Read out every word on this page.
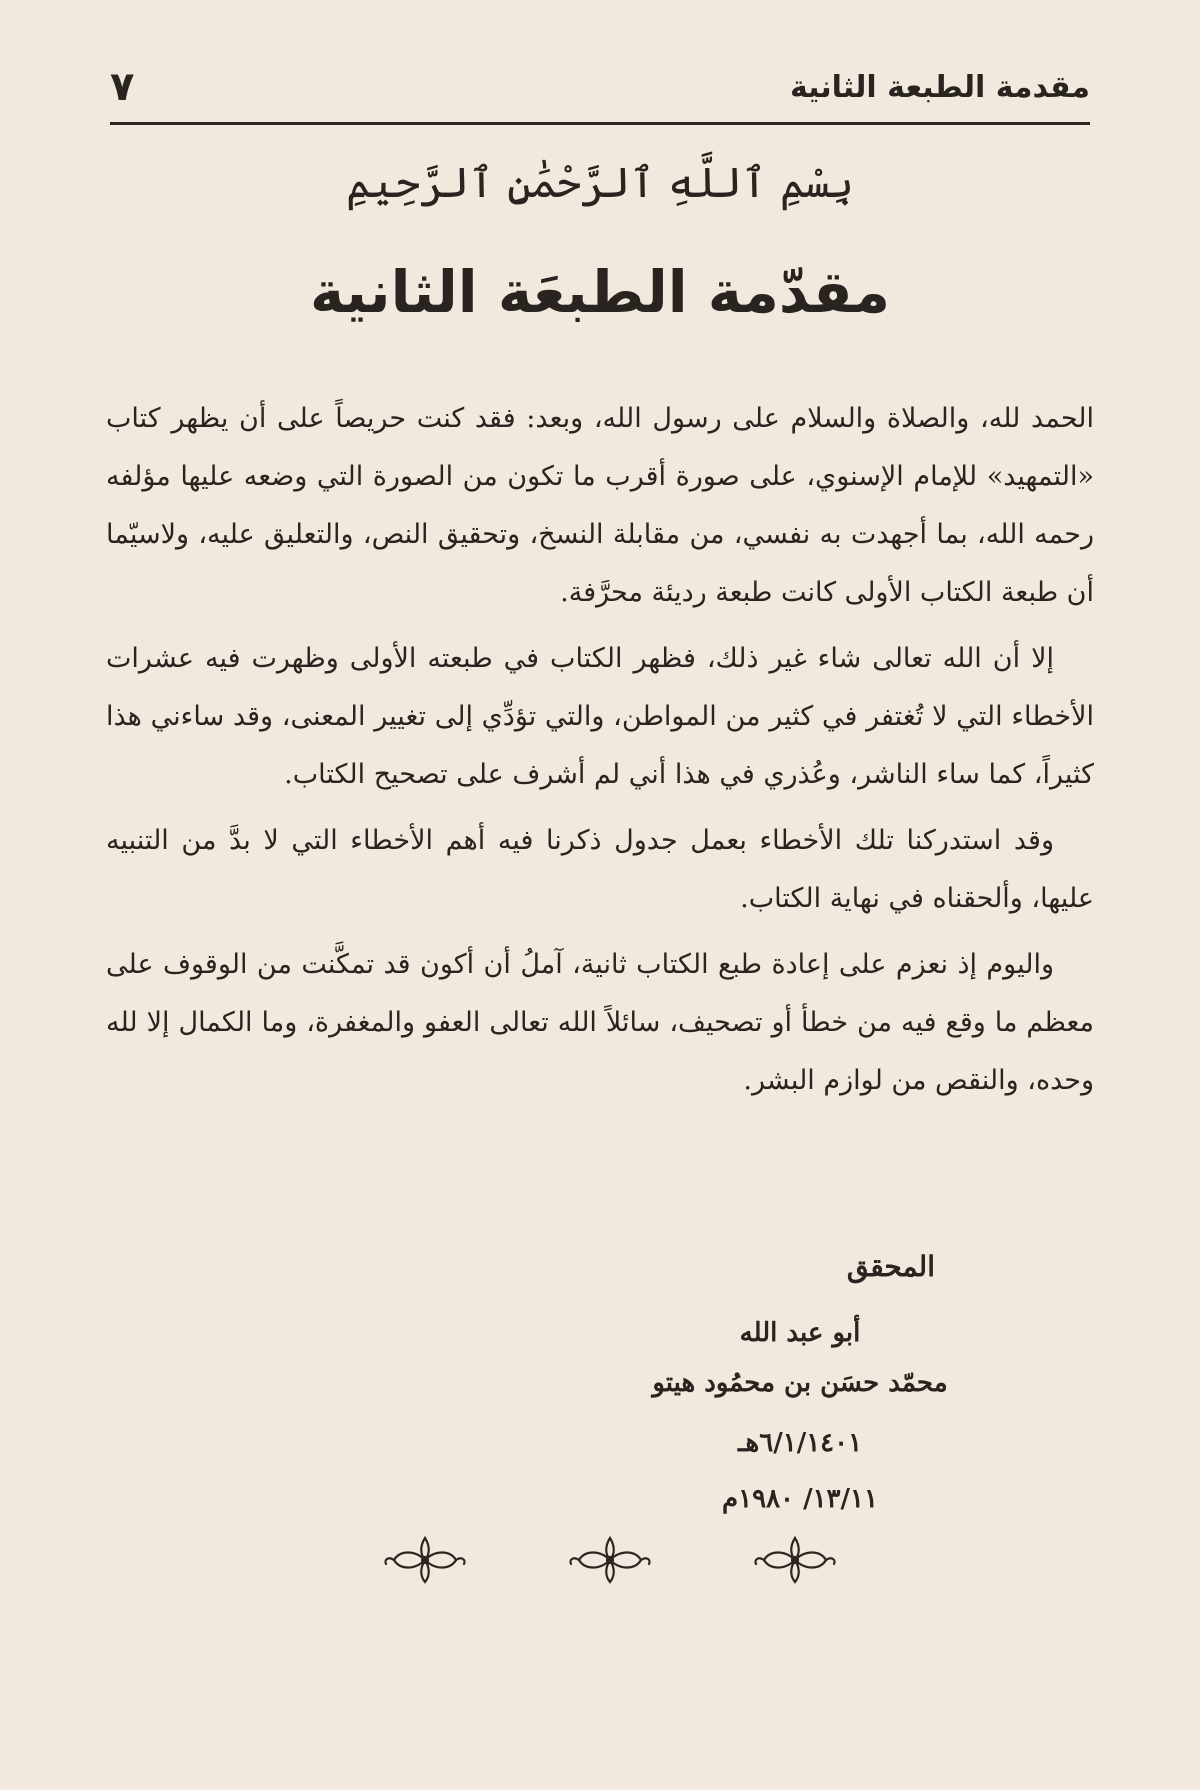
مقدمة الطبعة الثانية
٧
بِسْمِ ٱللَّهِ ٱلرَّحْمَٰنِ ٱلرَّحِيمِ
مقدّمة الطبعَة الثانية

الحمد لله، والصلاة والسلام على رسول الله، وبعد: فقد كنت حريصاً على أن يظهر كتاب «التمهيد» للإمام الإسنوي، على صورة أقرب ما تكون من الصورة التي وضعه عليها مؤلفه رحمه الله، بما أجهدت به نفسي، من مقابلة النسخ، وتحقيق النص، والتعليق عليه، ولاسيّما أن طبعة الكتاب الأولى كانت طبعة رديئة محرَّفة.

إلا أن الله تعالى شاء غير ذلك، فظهر الكتاب في طبعته الأولى وظهرت فيه عشرات الأخطاء التي لا تُغتفر في كثير من المواطن، والتي تؤدِّي إلى تغيير المعنى، وقد ساءني هذا كثيراً، كما ساء الناشر، وعُذري في هذا أني لم أشرف على تصحيح الكتاب.

وقد استدركنا تلك الأخطاء بعمل جدول ذكرنا فيه أهم الأخطاء التي لا بدَّ من التنبيه عليها، وألحقناه في نهاية الكتاب.

واليوم إذ نعزم على إعادة طبع الكتاب ثانية، آملُ أن أكون قد تمكَّنت من الوقوف على معظم ما وقع فيه من خطأ أو تصحيف، سائلاً الله تعالى العفو والمغفرة، وما الكمال إلا لله وحده، والنقص من لوازم البشر.

المحقق
أبو عبد الله
محمّد حسَن بن محمُود هيتو
٦/١/١٤٠١هـ
١٣/١١/ ١٩٨٠م
